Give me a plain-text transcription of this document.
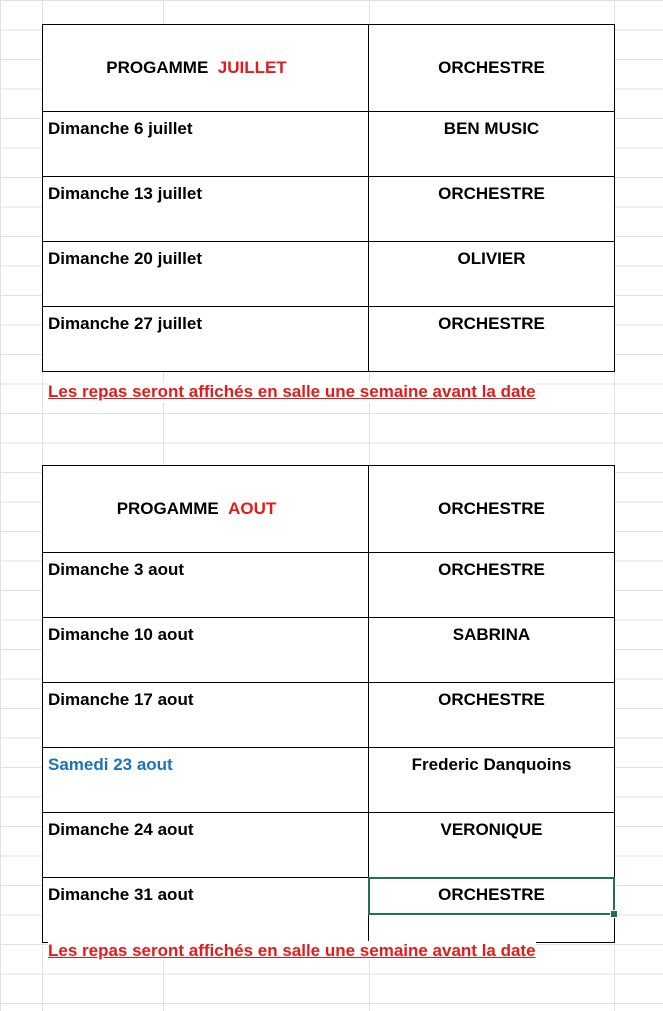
PROGAMME JUILLET	ORCHESTRE
Dimanche 6 juillet	BEN MUSIC
Dimanche 13 juillet	ORCHESTRE
Dimanche 20 juillet	OLIVIER
Dimanche 27 juillet	ORCHESTRE
Les repas seront affichés en salle une semaine avant la date
PROGAMME AOUT	ORCHESTRE
Dimanche 3 aout	ORCHESTRE
Dimanche 10 aout	SABRINA
Dimanche 17 aout	ORCHESTRE
Samedi 23 aout	Frederic Danquoins
Dimanche 24 aout	VERONIQUE
Dimanche 31 aout	ORCHESTRE
Les repas seront affichés en salle une semaine avant la date
